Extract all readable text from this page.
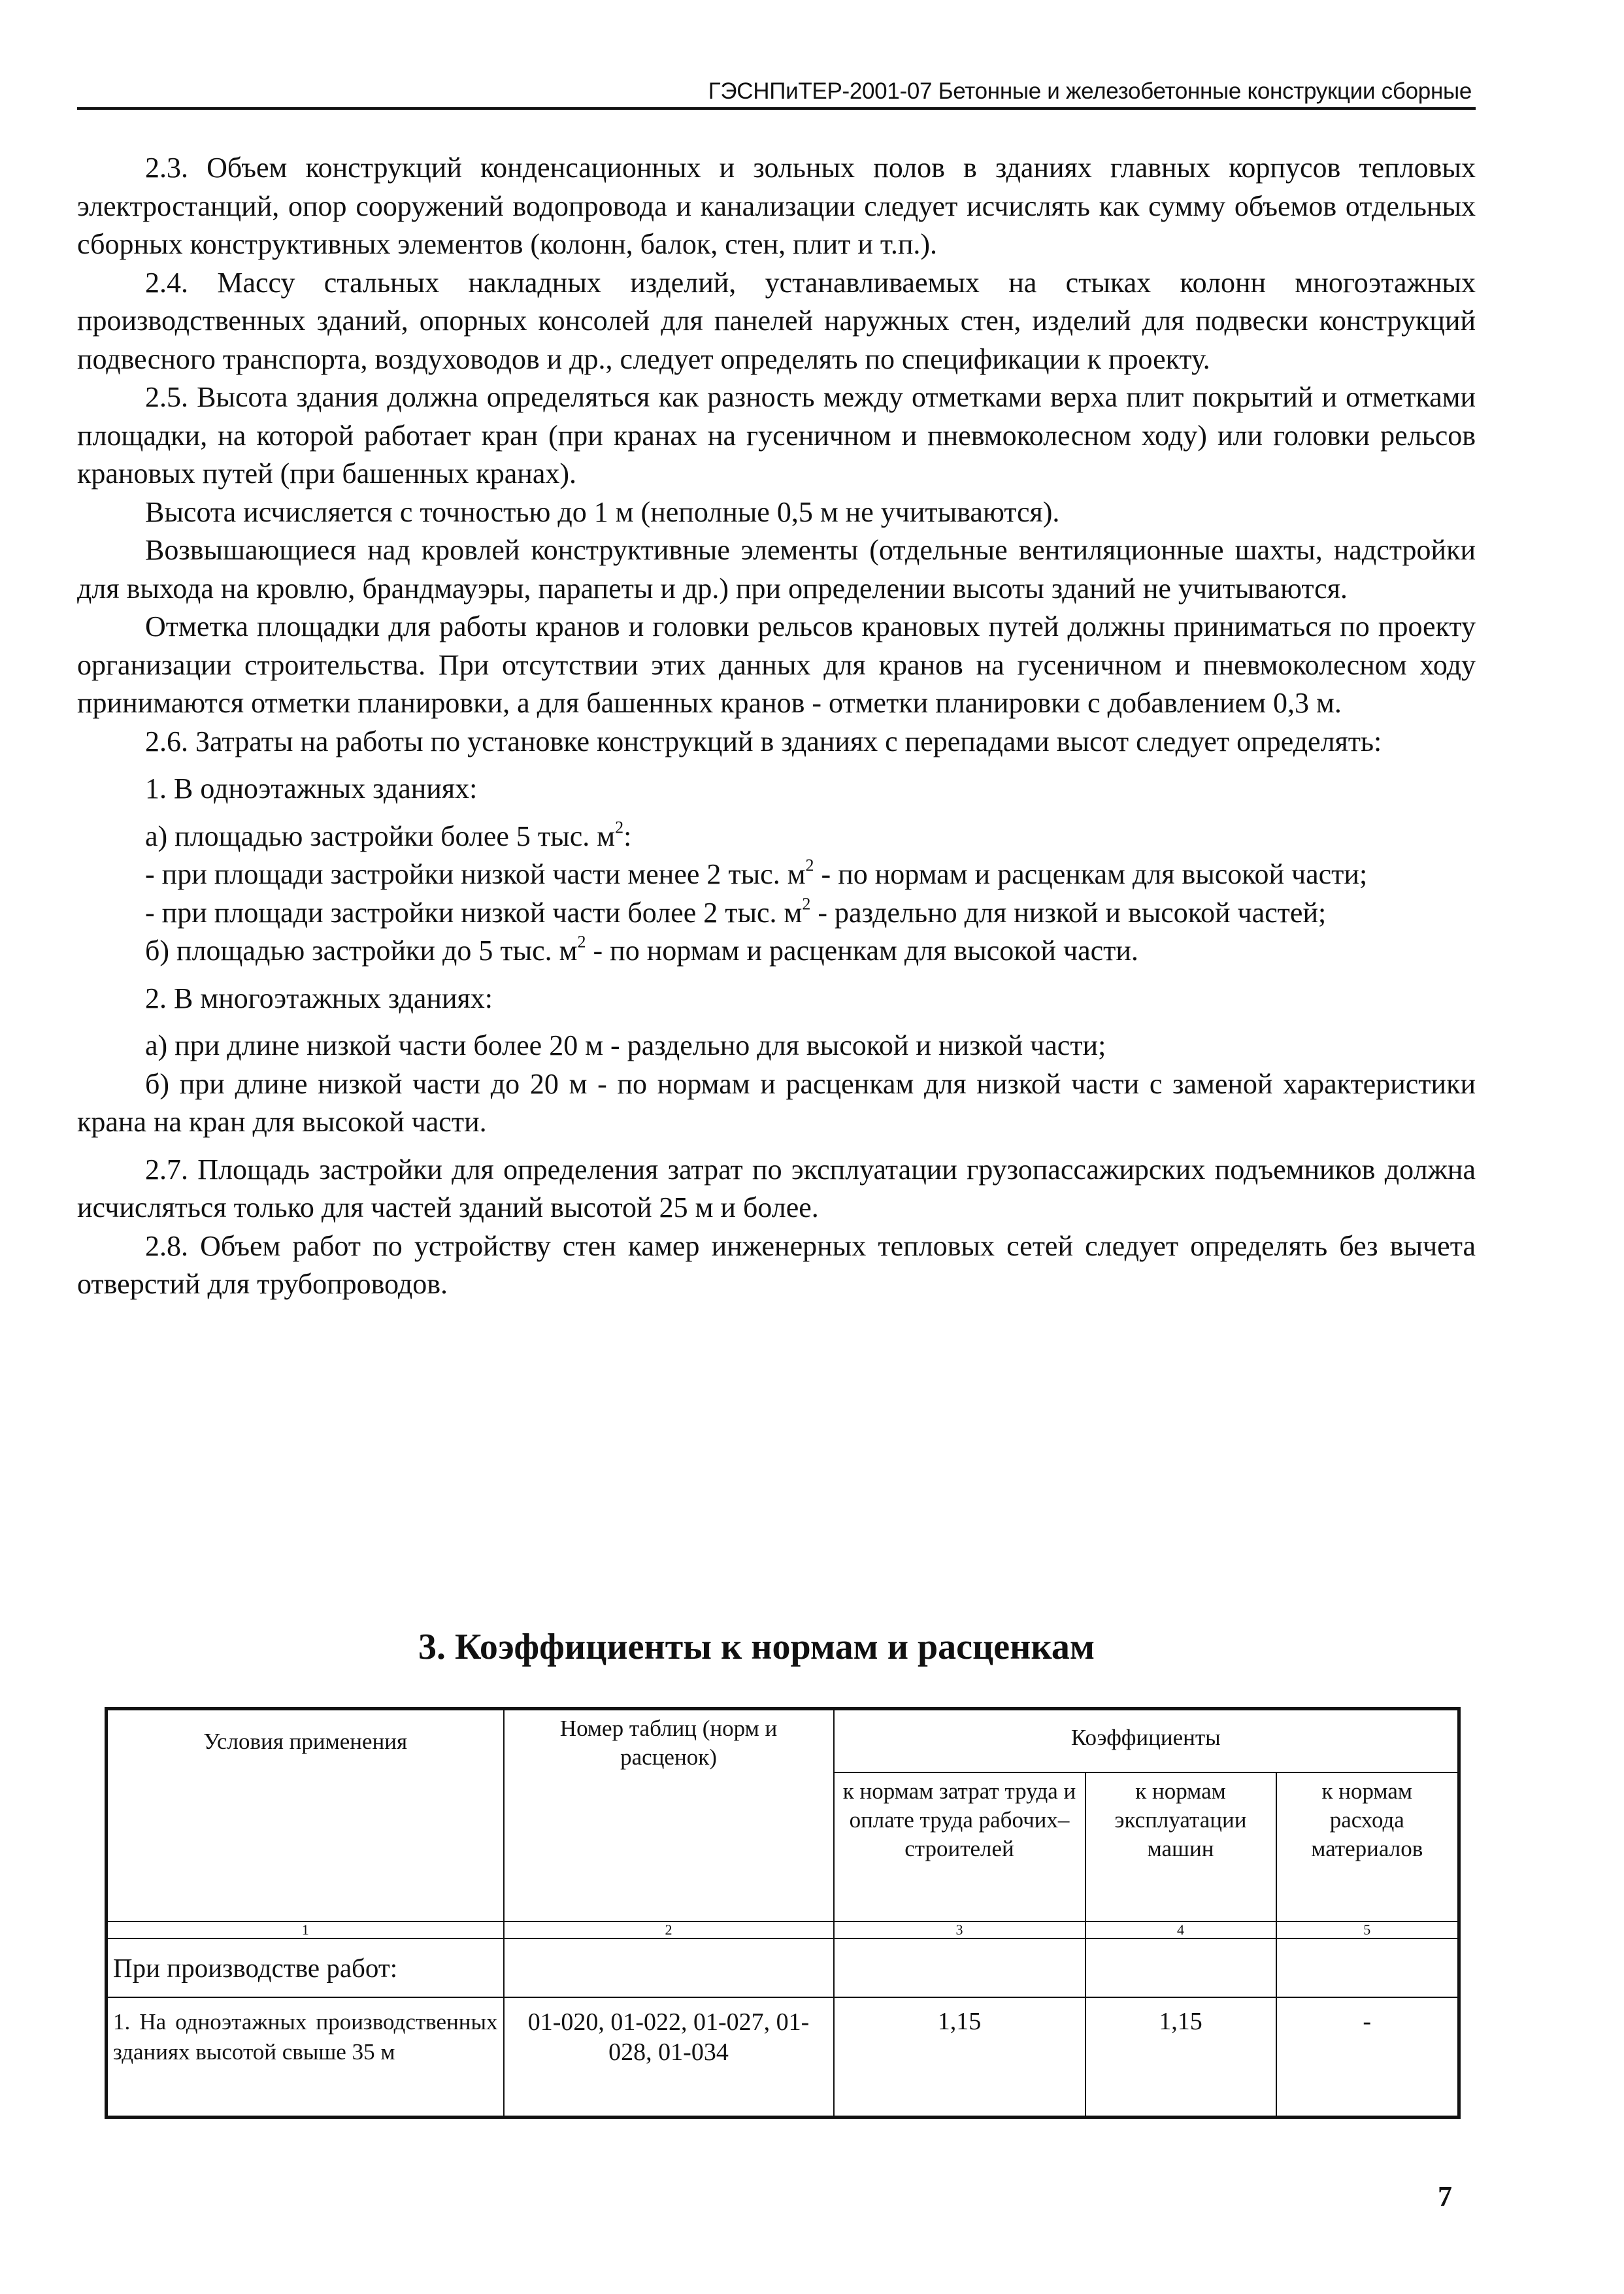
ГЭСНПиТЕР-2001-07 Бетонные и железобетонные конструкции сборные

2.3. Объем конструкций конденсационных и зольных полов в зданиях главных корпусов тепловых электростанций, опор сооружений водопровода и канализации следует исчислять как сумму объемов отдельных сборных конструктивных элементов (колонн, балок, стен, плит и т.п.).

2.4. Массу стальных накладных изделий, устанавливаемых на стыках колонн многоэтажных производственных зданий, опорных консолей для панелей наружных стен, изделий для подвески конструкций подвесного транспорта, воздуховодов и др., следует определять по спецификации к проекту.

2.5. Высота здания должна определяться как разность между отметками верха плит покрытий и отметками площадки, на которой работает кран (при кранах на гусеничном и пневмоколесном ходу) или головки рельсов крановых путей (при башенных кранах).

Высота исчисляется с точностью до 1 м (неполные 0,5 м не учитываются).

Возвышающиеся над кровлей конструктивные элементы (отдельные вентиляционные шахты, надстройки для выхода на кровлю, брандмауэры, парапеты и др.) при определении высоты зданий не учитываются.

Отметка площадки для работы кранов и головки рельсов крановых путей должны приниматься по проекту организации строительства. При отсутствии этих данных для кранов на гусеничном и пневмоколесном ходу принимаются отметки планировки, а для башенных кранов - отметки планировки с добавлением 0,3 м.

2.6. Затраты на работы по установке конструкций в зданиях с перепадами высот следует определять:

1. В одноэтажных зданиях:

а) площадью застройки более 5 тыс. $м^2$:

- при площади застройки низкой части менее 2 тыс. $м^2$ - по нормам и расценкам для высокой части;

- при площади застройки низкой части более 2 тыс. $м^2$ - раздельно для низкой и высокой частей;

б) площадью застройки до 5 тыс. $м^2$ - по нормам и расценкам для высокой части.

2. В многоэтажных зданиях:

а) при длине низкой части более 20 м - раздельно для высокой и низкой части;

б) при длине низкой части до 20 м - по нормам и расценкам для низкой части с заменой характеристики крана на кран для высокой части.

2.7. Площадь застройки для определения затрат по эксплуатации грузопассажирских подъемников должна исчисляться только для частей зданий высотой 25 м и более.

2.8. Объем работ по устройству стен камер инженерных тепловых сетей следует определять без вычета отверстий для трубопроводов.

3. Коэффициенты к нормам и расценкам
Условия применения	Номер таблиц (норм и расценок)	Коэффициенты		
		к нормам затрат труда и оплате труда рабочих–строителей	к нормам эксплуатации машин	к нормам расхода материалов
1	2	3	4	5
При производстве работ:				
1. На одноэтажных производственных зданиях высотой свыше 35 м	01-020, 01-022, 01-027, 01-028, 01-034	1,15	1,15	-
7
